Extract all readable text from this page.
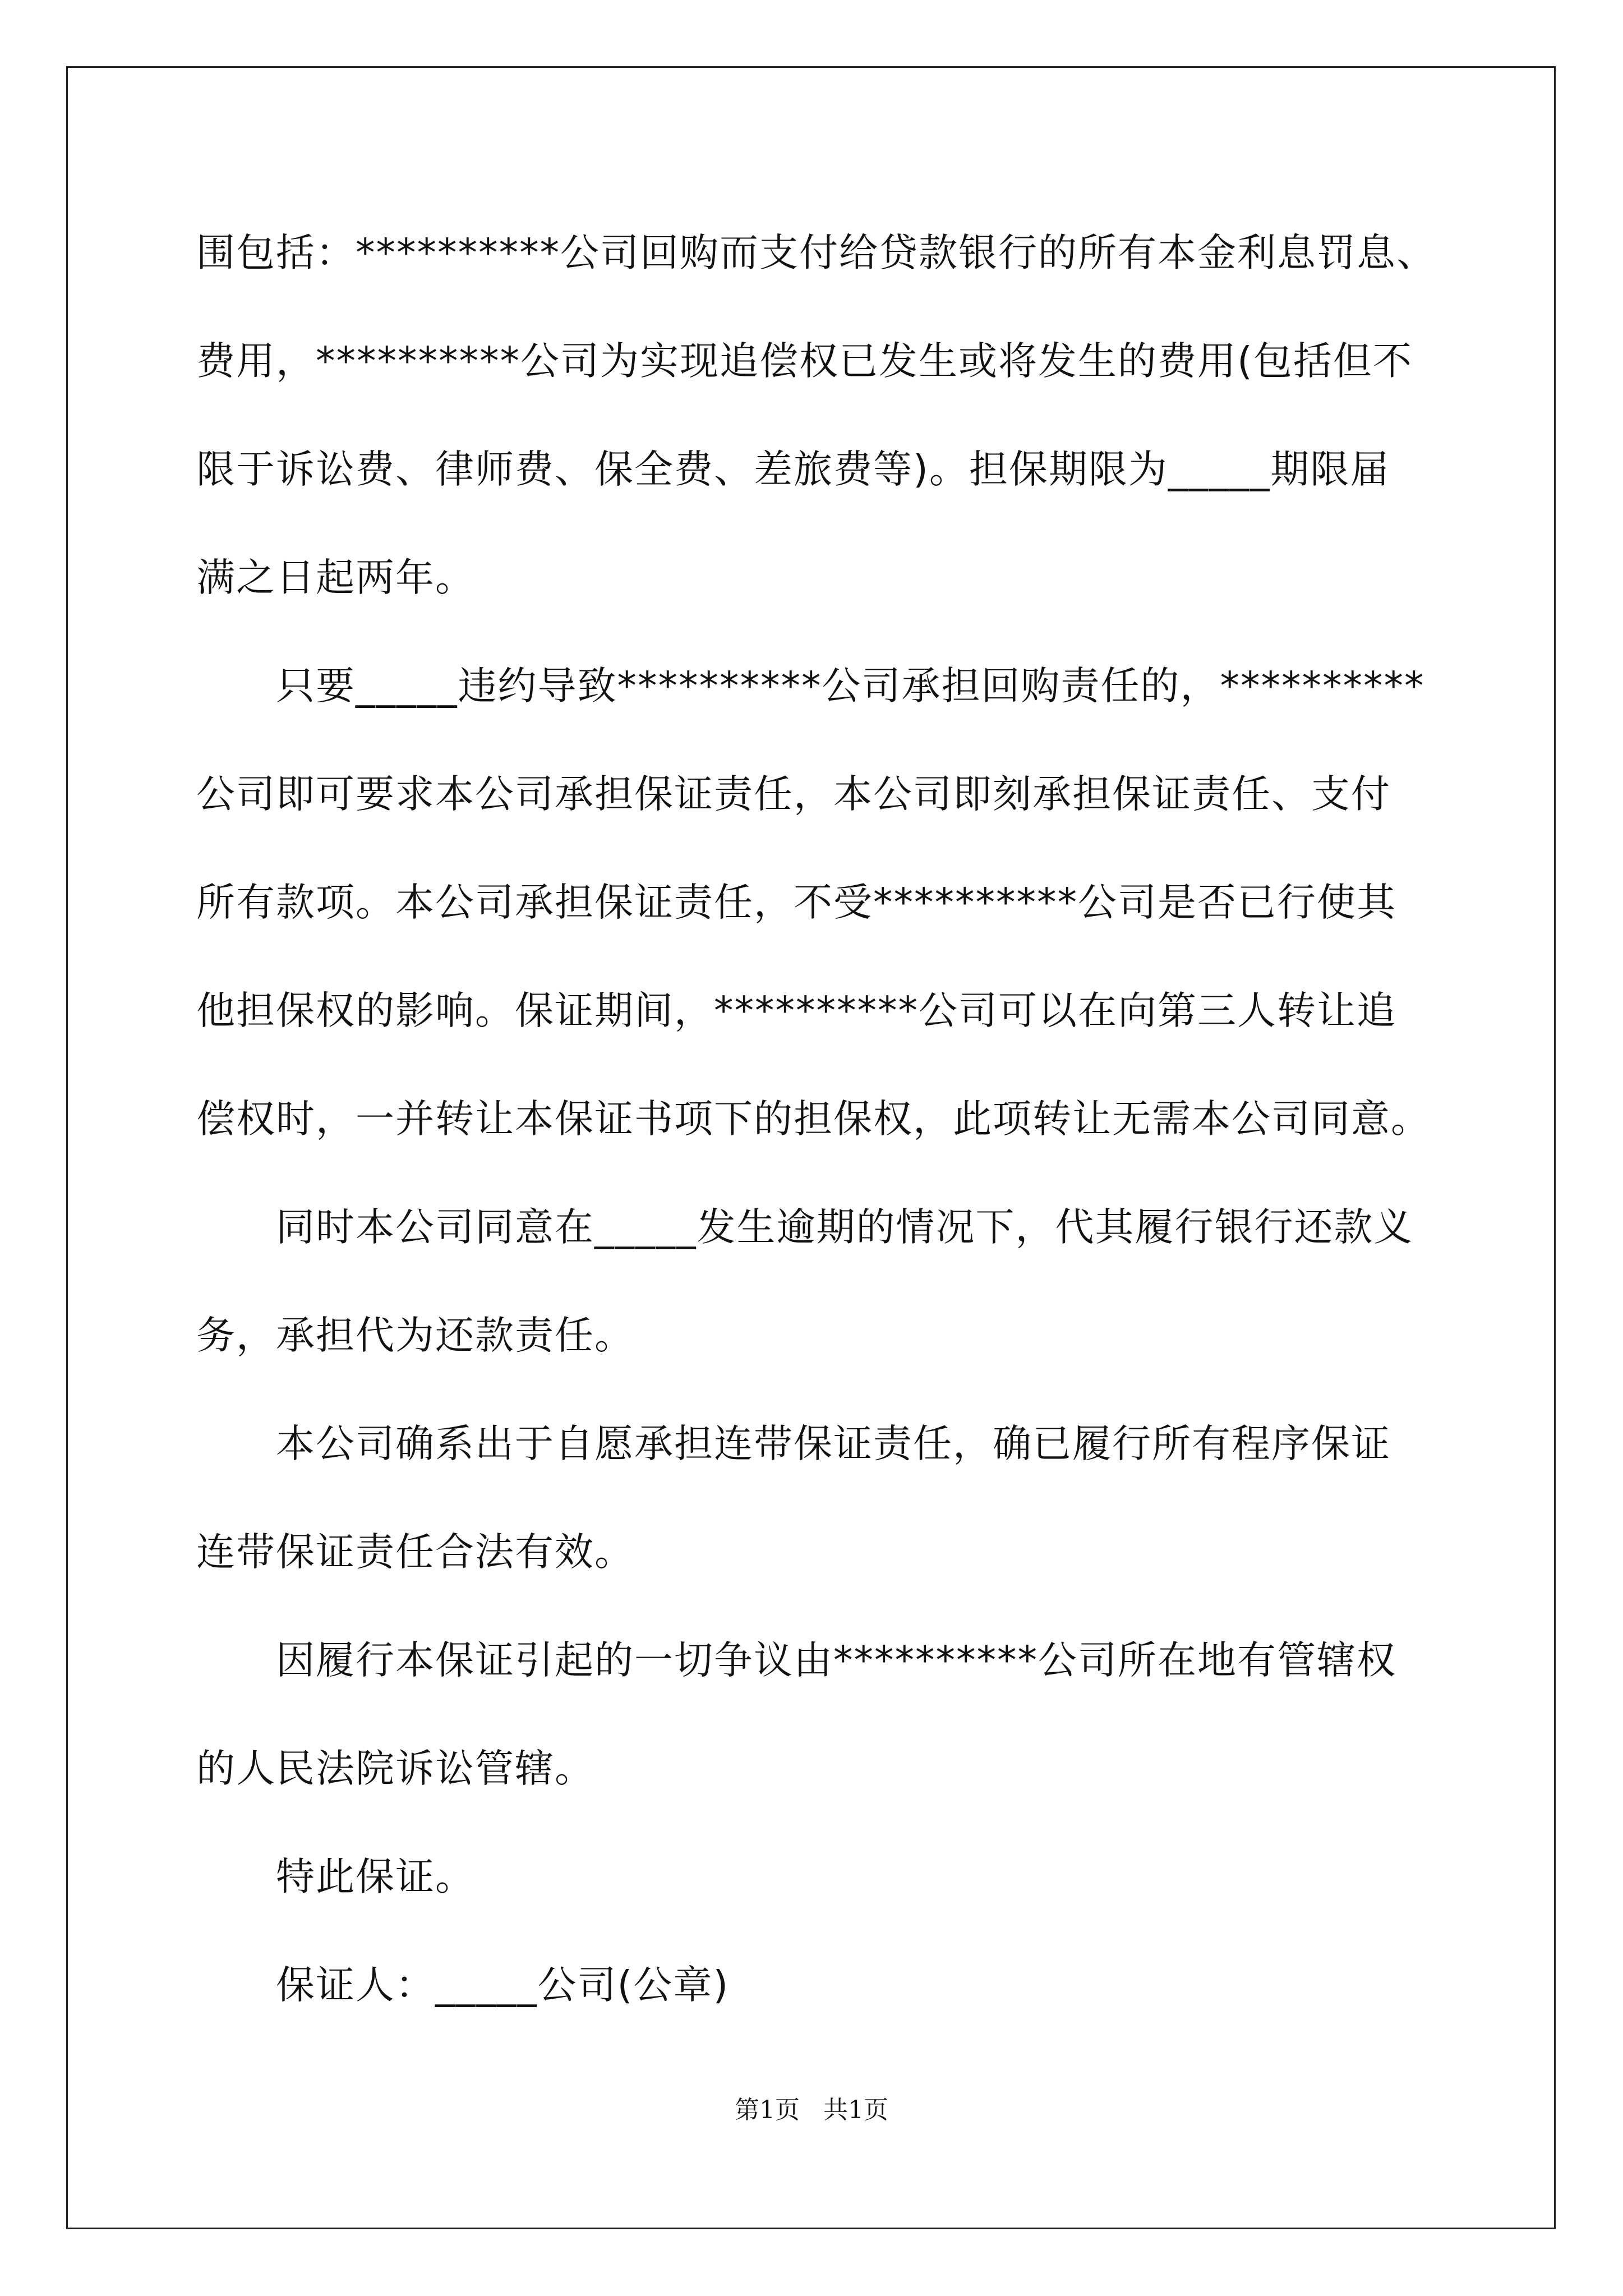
围包括：**********公司回购而支付给贷款银行的所有本金利息罚息、
费用，**********公司为实现追偿权已发生或将发生的费用(包括但不
限于诉讼费、律师费、保全费、差旅费等)。担保期限为_____期限届
满之日起两年。
　　只要_____违约导致**********公司承担回购责任的，**********
公司即可要求本公司承担保证责任，本公司即刻承担保证责任、支付
所有款项。本公司承担保证责任，不受**********公司是否已行使其
他担保权的影响。保证期间，**********公司可以在向第三人转让追
偿权时，一并转让本保证书项下的担保权，此项转让无需本公司同意。
　　同时本公司同意在_____发生逾期的情况下，代其履行银行还款义
务，承担代为还款责任。
　　本公司确系出于自愿承担连带保证责任，确已履行所有程序保证
连带保证责任合法有效。
　　因履行本保证引起的一切争议由**********公司所在地有管辖权
的人民法院诉讼管辖。
　　特此保证。
　　保证人：_____公司(公章)
第1页 共1页
